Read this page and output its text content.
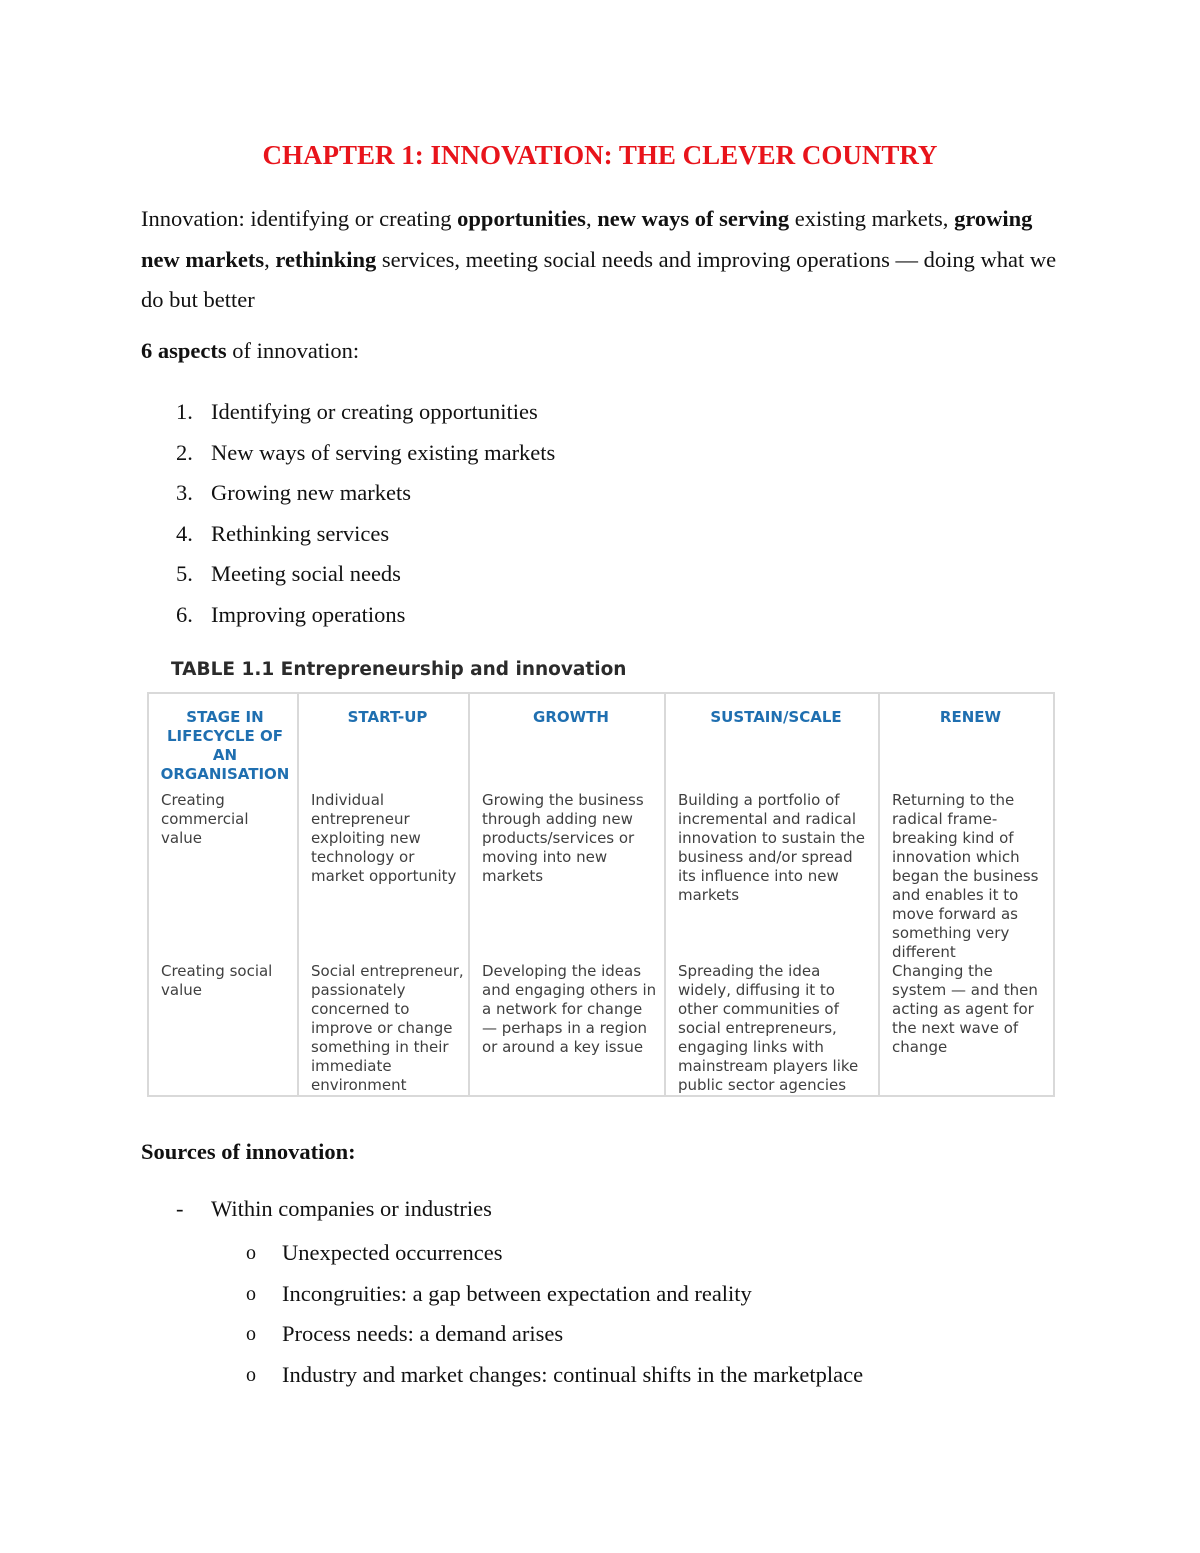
CHAPTER 1: INNOVATION: THE CLEVER COUNTRY
Innovation: identifying or creating opportunities, new ways of serving existing markets, growing new markets, rethinking services, meeting social needs and improving operations — doing what we do but better
6 aspects of innovation:
1. Identifying or creating opportunities
2. New ways of serving existing markets
3. Growing new markets
4. Rethinking services
5. Meeting social needs
6. Improving operations
TABLE 1.1 Entrepreneurship and innovation
STAGE IN LIFECYCLE OF AN ORGANISATION	START-UP	GROWTH	SUSTAIN/SCALE	RENEW
Creating commercial value	Individual entrepreneur exploiting new technology or market opportunity	Growing the business through adding new products/services or moving into new markets	Building a portfolio of incremental and radical innovation to sustain the business and/or spread its influence into new markets	Returning to the radical frame-breaking kind of innovation which began the business and enables it to move forward as something very different
Creating social value	Social entrepreneur, passionately concerned to improve or change something in their immediate environment	Developing the ideas and engaging others in a network for change — perhaps in a region or around a key issue	Spreading the idea widely, diffusing it to other communities of social entrepreneurs, engaging links with mainstream players like public sector agencies	Changing the system — and then acting as agent for the next wave of change
Sources of innovation:
- Within companies or industries
o Unexpected occurrences
o Incongruities: a gap between expectation and reality
o Process needs: a demand arises
o Industry and market changes: continual shifts in the marketplace
